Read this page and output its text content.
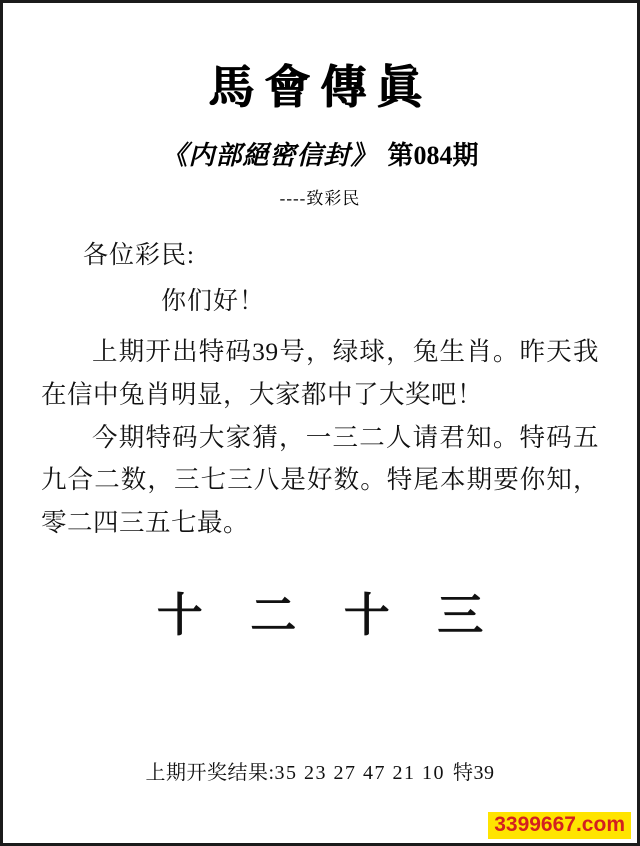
馬會傳眞
《内部絕密信封》 第084期
----致彩民
各位彩民:
你们好！

上期开出特码39号，绿球，兔生肖。昨天我在信中兔肖明显，大家都中了大奖吧！

今期特码大家猜，一三二人请君知。特码五九合二数，三七三八是好数。特尾本期要你知，零二四三五七最。

十 二 十 三
上期开奖结果:35 23 27 47 21 10 特39
3399667.com
